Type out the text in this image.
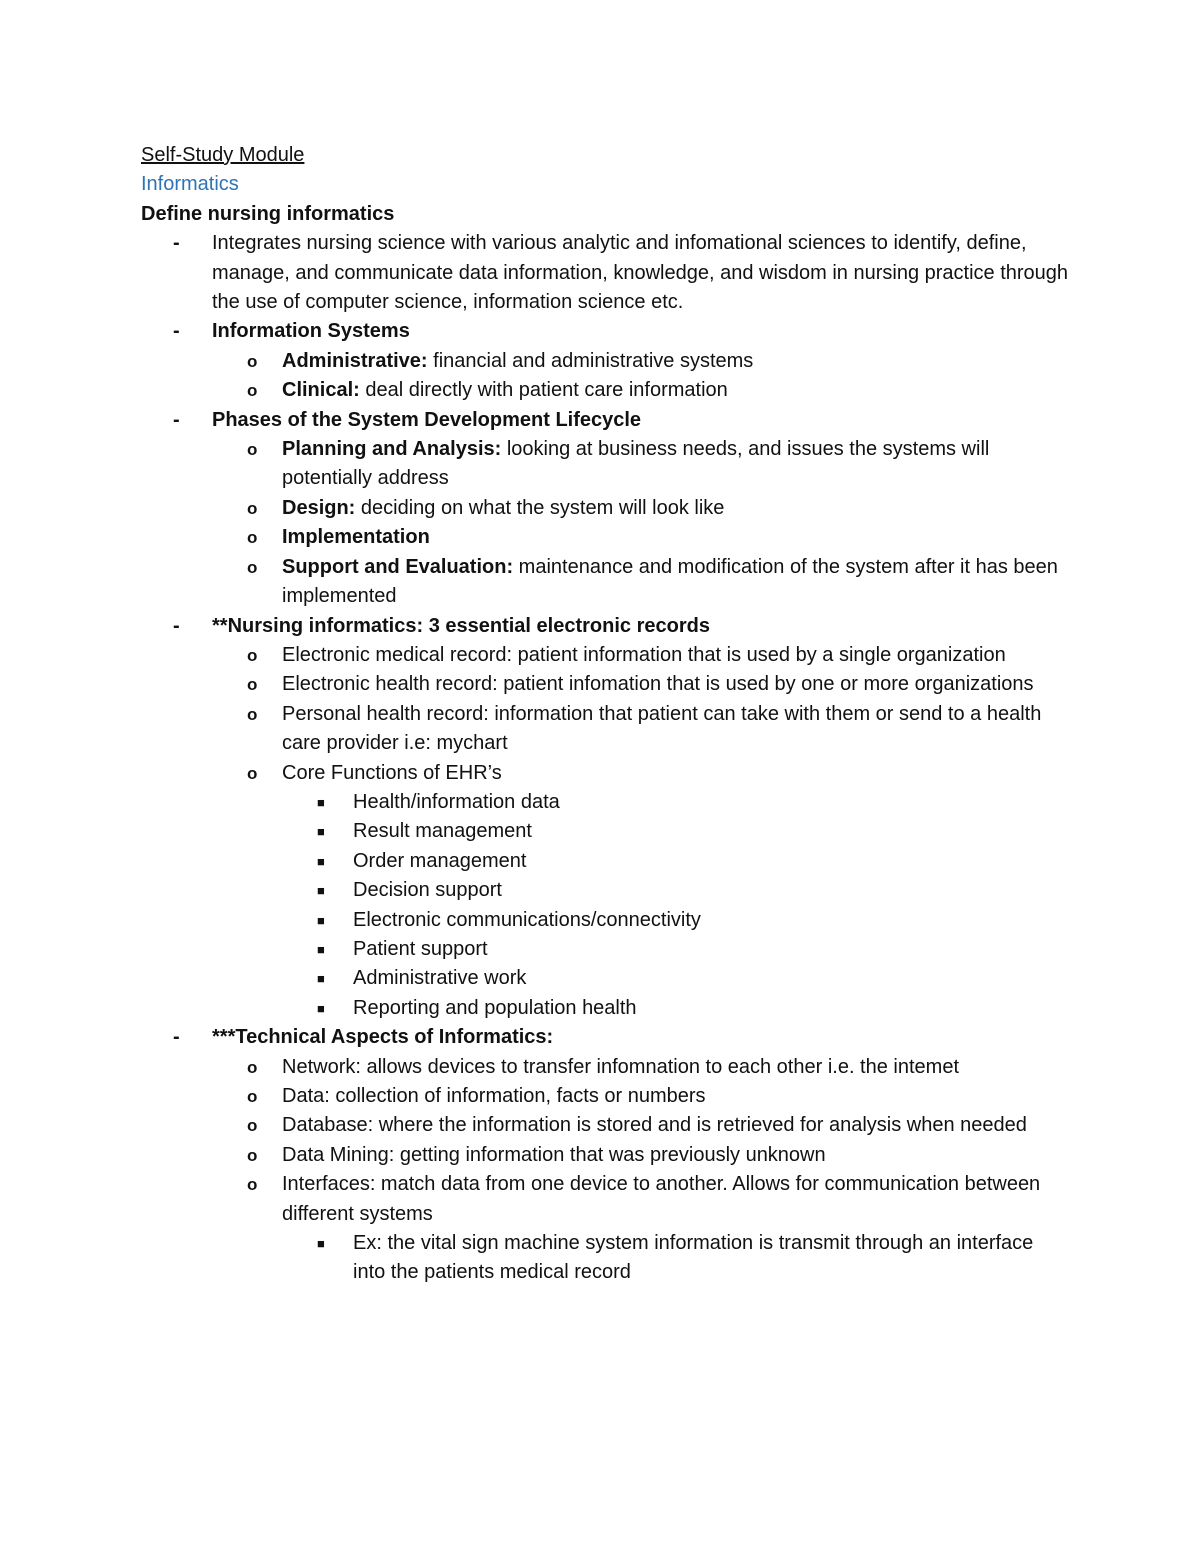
Self-Study Module

Informatics

Define nursing informatics

- Integrates nursing science with various analytic and infomational sciences to identify, define, manage, and communicate data information, knowledge, and wisdom in nursing practice through the use of computer science, information science etc.
- Information Systems
o Administrative: financial and administrative systems
o Clinical: deal directly with patient care information
- Phases of the System Development Lifecycle
o Planning and Analysis: looking at business needs, and issues the systems will potentially address
o Design: deciding on what the system will look like
o Implementation
o Support and Evaluation: maintenance and modification of the system after it has been implemented
- **Nursing informatics: 3 essential electronic records
o Electronic medical record: patient information that is used by a single organization
o Electronic health record: patient infomation that is used by one or more organizations
o Personal health record: information that patient can take with them or send to a health care provider i.e: mychart
o Core Functions of EHR’s
■ Health/information data
■ Result management
■ Order management
■ Decision support
■ Electronic communications/connectivity
■ Patient support
■ Administrative work
■ Reporting and population health
- ***Technical Aspects of Informatics:
o Network: allows devices to transfer infomnation to each other i.e. the intemet
o Data: collection of information, facts or numbers
o Database: where the information is stored and is retrieved for analysis when needed
o Data Mining: getting information that was previously unknown
o Interfaces: match data from one device to another. Allows for communication between different systems
■ Ex: the vital sign machine system information is transmit through an interface into the patients medical record
